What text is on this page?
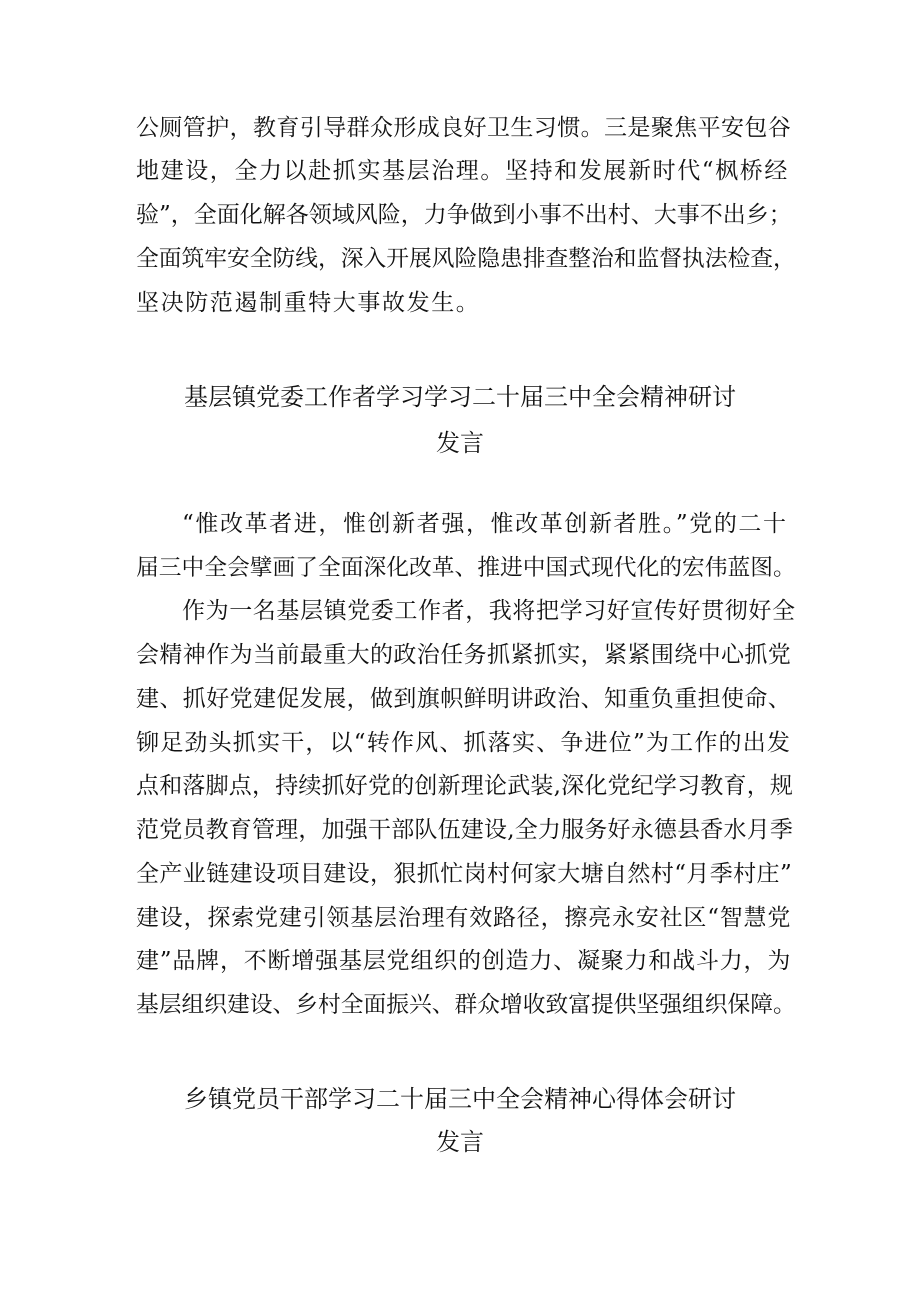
公厕管护，教育引导群众形成良好卫生习惯。三是聚焦平安包谷
地建设，全力以赴抓实基层治理。坚持和发展新时代“枫桥经
验”，全面化解各领域风险，力争做到小事不出村、大事不出乡；
全面筑牢安全防线，深入开展风险隐患排查整治和监督执法检查，
坚决防范遏制重特大事故发生。
基层镇党委工作者学习学习二十届三中全会精神研讨
发言
“惟改革者进，惟创新者强，惟改革创新者胜。”党的二十
届三中全会擘画了全面深化改革、推进中国式现代化的宏伟蓝图。
作为一名基层镇党委工作者，我将把学习好宣传好贯彻好全
会精神作为当前最重大的政治任务抓紧抓实，紧紧围绕中心抓党
建、抓好党建促发展，做到旗帜鲜明讲政治、知重负重担使命、
铆足劲头抓实干，以“转作风、抓落实、争进位”为工作的出发
点和落脚点，持续抓好党的创新理论武装,深化党纪学习教育，规
范党员教育管理，加强干部队伍建设,全力服务好永德县香水月季
全产业链建设项目建设，狠抓忙岗村何家大塘自然村“月季村庄”
建设，探索党建引领基层治理有效路径，擦亮永安社区“智慧党
建”品牌，不断增强基层党组织的创造力、凝聚力和战斗力，为
基层组织建设、乡村全面振兴、群众增收致富提供坚强组织保障。
乡镇党员干部学习二十届三中全会精神心得体会研讨
发言
